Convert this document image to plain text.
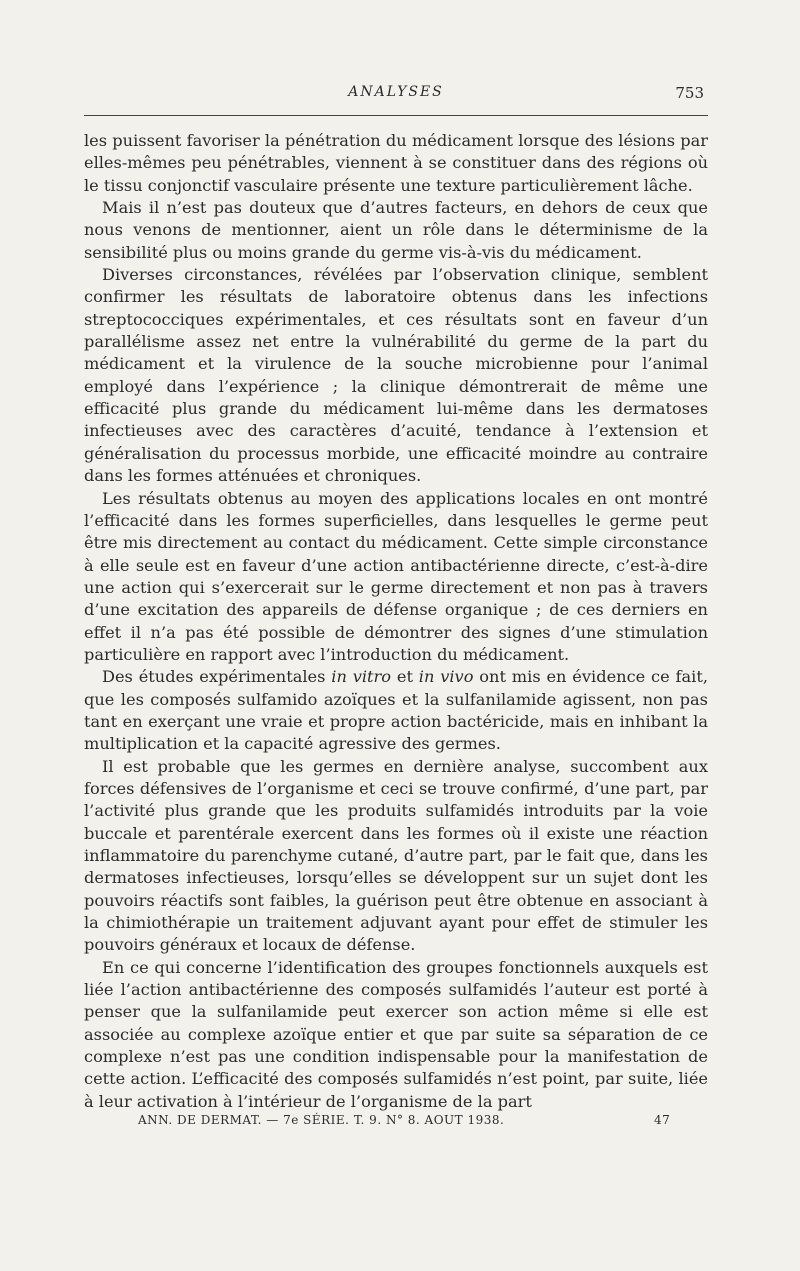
ANALYSES	753

les puissent favoriser la pénétration du médicament lorsque des lésions par elles-mêmes peu pénétrables, viennent à se constituer dans des régions où le tissu conjonctif vasculaire présente une texture particulièrement lâche.

Mais il n’est pas douteux que d’autres facteurs, en dehors de ceux que nous venons de mentionner, aient un rôle dans le déterminisme de la sensibilité plus ou moins grande du germe vis-à-vis du médicament.

Diverses circonstances, révélées par l’observation clinique, semblent confirmer les résultats de laboratoire obtenus dans les infections streptococciques expérimentales, et ces résultats sont en faveur d’un parallélisme assez net entre la vulnérabilité du germe de la part du médicament et la virulence de la souche microbienne pour l’animal employé dans l’expérience ; la clinique démontrerait de même une efficacité plus grande du médicament lui-même dans les dermatoses infectieuses avec des caractères d’acuité, tendance à l’extension et généralisation du processus morbide, une efficacité moindre au contraire dans les formes atténuées et chroniques.

Les résultats obtenus au moyen des applications locales en ont montré l’efficacité dans les formes superficielles, dans lesquelles le germe peut être mis directement au contact du médicament. Cette simple circonstance à elle seule est en faveur d’une action antibactérienne directe, c’est-à-dire une action qui s’exercerait sur le germe directement et non pas à travers d’une excitation des appareils de défense organique ; de ces derniers en effet il n’a pas été possible de démontrer des signes d’une stimulation particulière en rapport avec l’introduction du médicament.

Des études expérimentales in vitro et in vivo ont mis en évidence ce fait, que les composés sulfamido azoïques et la sulfanilamide agissent, non pas tant en exerçant une vraie et propre action bactéricide, mais en inhibant la multiplication et la capacité agressive des germes.

Il est probable que les germes en dernière analyse, succombent aux forces défensives de l’organisme et ceci se trouve confirmé, d’une part, par l’activité plus grande que les produits sulfamidés introduits par la voie buccale et parentérale exercent dans les formes où il existe une réaction inflammatoire du parenchyme cutané, d’autre part, par le fait que, dans les dermatoses infectieuses, lorsqu’elles se développent sur un sujet dont les pouvoirs réactifs sont faibles, la guérison peut être obtenue en associant à la chimiothérapie un traitement adjuvant ayant pour effet de stimuler les pouvoirs généraux et locaux de défense.

En ce qui concerne l’identification des groupes fonctionnels auxquels est liée l’action antibactérienne des composés sulfamidés l’auteur est porté à penser que la sulfanilamide peut exercer son action même si elle est associée au complexe azoïque entier et que par suite sa séparation de ce complexe n’est pas une condition indispensable pour la manifestation de cette action. L’efficacité des composés sulfamidés n’est point, par suite, liée à leur activation à l’intérieur de l’organisme de la part

ANN. DE DERMAT. — 7e SÉRIE. T. 9. N° 8. AOUT 1938.	47
